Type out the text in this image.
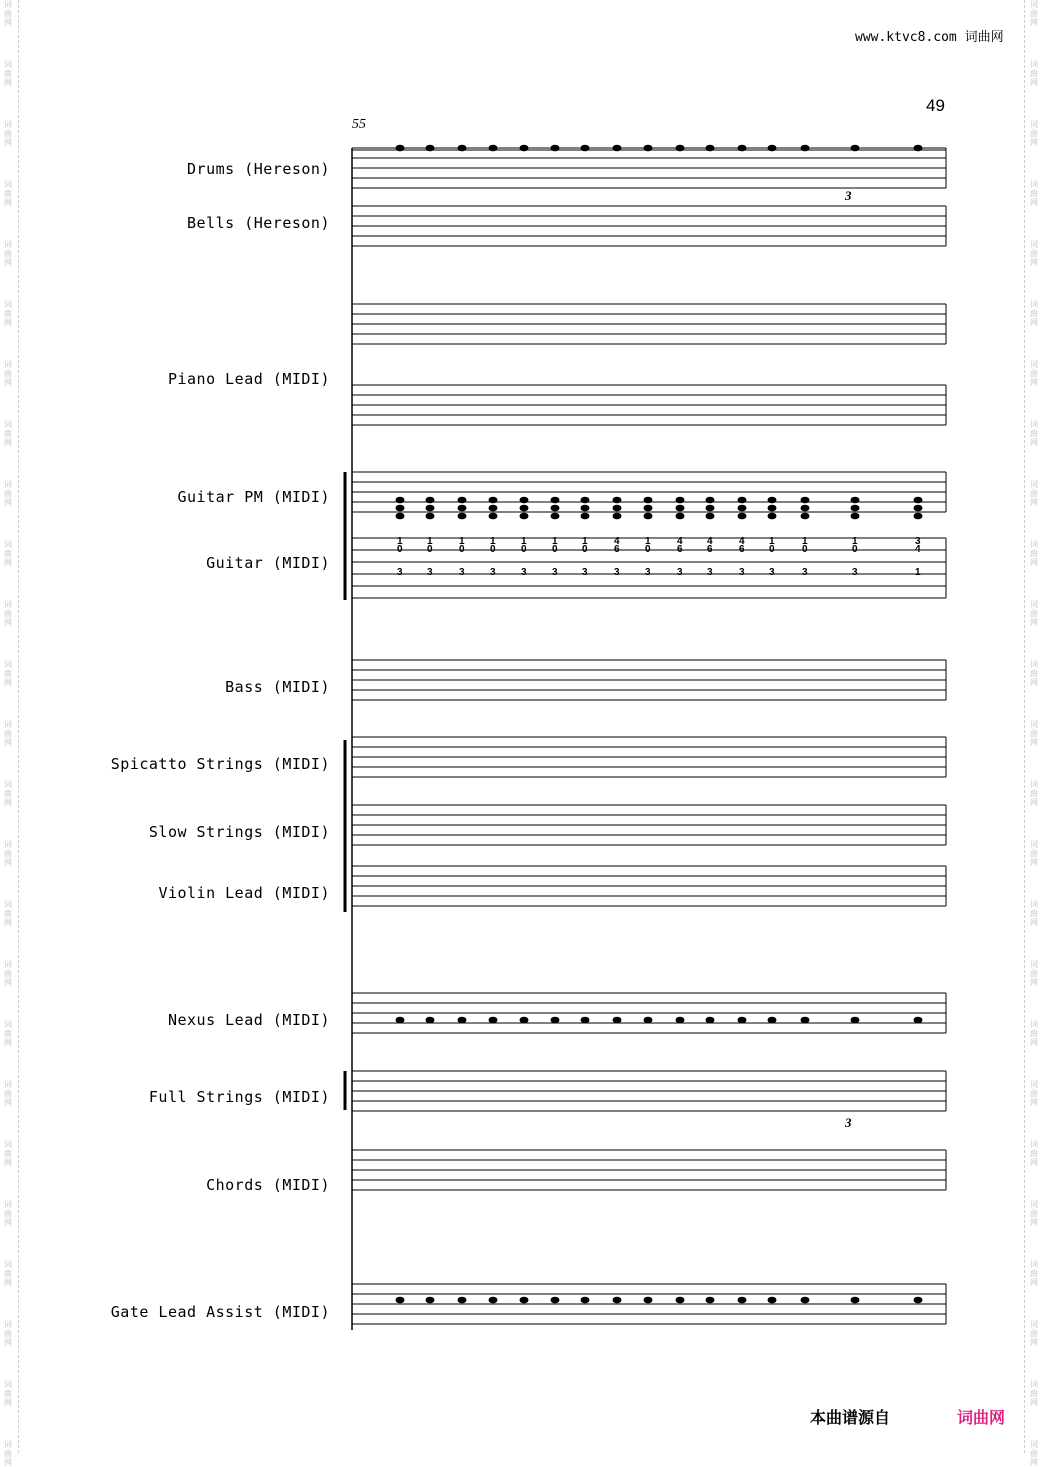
www.ktvc8.com 词曲网
49
55
Drums (Hereson)
Bells (Hereson)
Piano Lead (MIDI)
Guitar PM (MIDI)
Guitar (MIDI)
Bass (MIDI)
Spicatto Strings (MIDI)
Slow Strings (MIDI)
Violin Lead (MIDI)
Nexus Lead (MIDI)
Full Strings (MIDI)
Chords (MIDI)
Gate Lead Assist (MIDI)
1 1	1	1	1	1 1	4	1	4 4	4 1	1	1	3
0 0	0	0	0	0 0	6	0	6 6	6 0	0	0	4
3 3	3	3	3	3 3	3	3	3 3	3 3	3	3	1
3
3
本曲谱源自	词曲网
词
曲
网
词
曲
网
词
曲
网
词
曲
网
词
曲
网
词
曲
网
词
曲
网
词
曲
网
词
曲
网
词
曲
网
词
曲
网
词
曲
网
词
曲
网
词
曲
网
词
曲
网
词
曲
网
词
曲
网
词
曲
网
词
曲
网
词
曲
网
词
曲
网
词
曲
网
词
曲
网
词
曲
网
词
曲
网
词
曲
网
词
曲
网
词
曲
网
词
曲
网
词
曲
网
词
曲
网
词
曲
网
词
曲
网
词
曲
网
词
曲
网
词
曲
网
词
曲
网
词
曲
网
词
曲
网
词
曲
网
词
曲
网
词
曲
网
词
曲
网
词
曲
网
词
曲
网
词
曲
网
词
曲
网
词
曲
网
词
曲
网
词
曲
网
